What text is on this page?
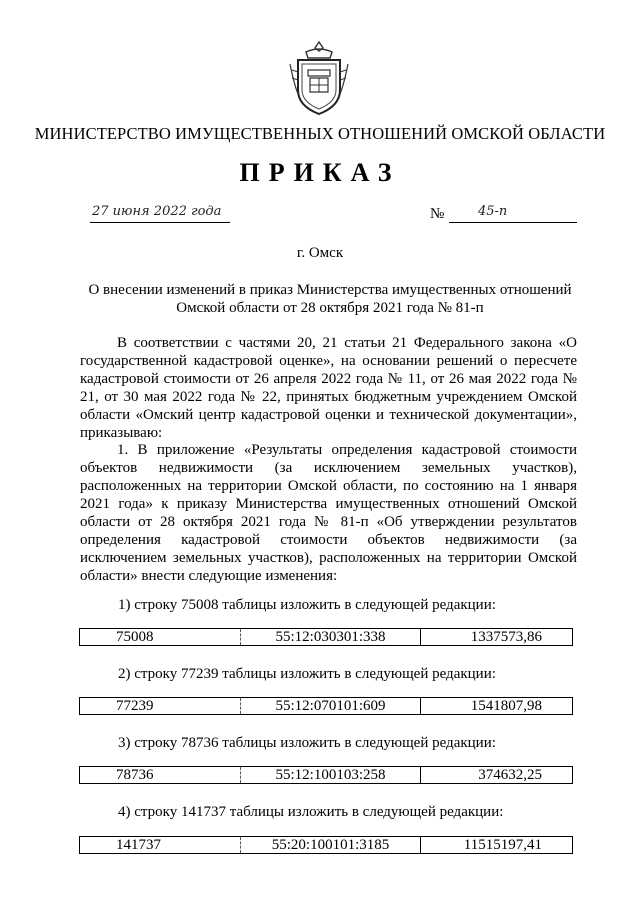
МИНИСТЕРСТВО ИМУЩЕСТВЕННЫХ ОТНОШЕНИЙ ОМСКОЙ ОБЛАСТИ
ПРИКАЗ
27 июня 2022 года	№	45-п
г. Омск
О внесении изменений в приказ Министерства имущественных отношений Омской области от 28 октября 2021 года № 81-п

В соответствии с частями 20, 21 статьи 21 Федерального закона «О государственной кадастровой оценке», на основании решений о пересчете кадастровой стоимости от 26 апреля 2022 года № 11, от 26 мая 2022 года № 21, от 30 мая 2022 года № 22, принятых бюджетным учреждением Омской области «Омский центр кадастровой оценки и технической документации», приказываю:

1. В приложение «Результаты определения кадастровой стоимости объектов недвижимости (за исключением земельных участков), расположенных на территории Омской области, по состоянию на 1 января 2021 года» к приказу Министерства имущественных отношений Омской области от 28 октября 2021 года № 81-п «Об утверждении результатов определения кадастровой стоимости объектов недвижимости (за исключением земельных участков), расположенных на территории Омской области» внести следующие изменения:

1) строку 75008 таблицы изложить в следующей редакции:
75008	55:12:030301:338	1337573,86
2) строку 77239 таблицы изложить в следующей редакции:
77239	55:12:070101:609	1541807,98
3) строку 78736 таблицы изложить в следующей редакции:
78736	55:12:100103:258	374632,25
4) строку 141737 таблицы изложить в следующей редакции:
141737	55:20:100101:3185	11515197,41
